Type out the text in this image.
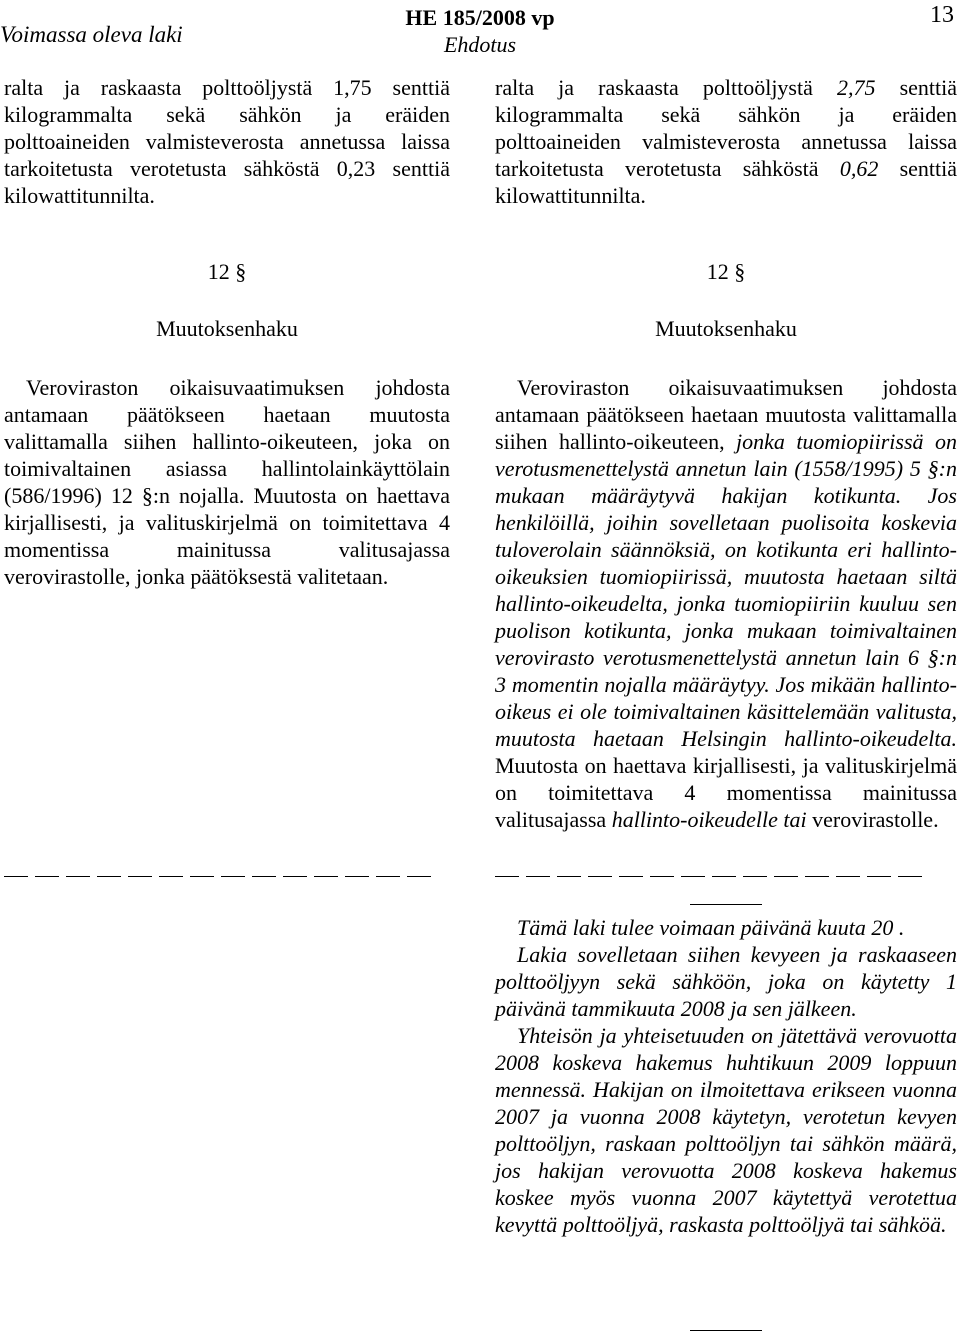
Voimassa oleva laki
HE 185/2008 vp
Ehdotus
13

ralta ja raskaasta polttoöljystä 1,75 senttiä kilogrammalta sekä sähkön ja eräiden polttoaineiden valmisteverosta annetussa laissa tarkoitetusta verotetusta sähköstä 0,23 senttiä kilowattitunnilta.

12 §

Muutoksenhaku

Veroviraston oikaisuvaatimuksen johdosta antamaan päätökseen haetaan muutosta valittamalla siihen hallinto-oikeuteen, joka on toimivaltainen asiassa hallintolainkäyttölain (586/1996) 12 §:n nojalla. Muutosta on haettava kirjallisesti, ja valituskirjelmä on toimitettava 4 momentissa mainitussa valitusajassa verovirastolle, jonka päätöksestä valitetaan.

ralta ja raskaasta polttoöljystä 2,75 senttiä kilogrammalta sekä sähkön ja eräiden polttoaineiden valmisteverosta annetussa laissa tarkoitetusta verotetusta sähköstä 0,62 senttiä kilowattitunnilta.

12 §

Muutoksenhaku

Veroviraston oikaisuvaatimuksen johdosta antamaan päätökseen haetaan muutosta valittamalla siihen hallinto-oikeuteen, jonka tuomiopiirissä on verotusmenettelystä annetun lain (1558/1995) 5 §:n mukaan määräytyvä hakijan kotikunta. Jos henkilöillä, joihin sovelletaan puolisoita koskevia tuloverolain säännöksiä, on kotikunta eri hallinto-oikeuksien tuomiopiirissä, muutosta haetaan siltä hallinto-oikeudelta, jonka tuomiopiiriin kuuluu sen puolison kotikunta, jonka mukaan toimivaltainen verovirasto verotusmenettelystä annetun lain 6 §:n 3 momentin nojalla määräytyy. Jos mikään hallinto-oikeus ei ole toimivaltainen käsittelemään valitusta, muutosta haetaan Helsingin hallinto-oikeudelta. Muutosta on haettava kirjallisesti, ja valituskirjelmä on toimitettava 4 momentissa mainitussa valitusajassa hallinto-oikeudelle tai verovirastolle.

Tämä laki tulee voimaan päivänä kuuta 20 .

Lakia sovelletaan siihen kevyeen ja raskaaseen polttoöljyyn sekä sähköön, joka on käytetty 1 päivänä tammikuuta 2008 ja sen jälkeen.

Yhteisön ja yhteisetuuden on jätettävä verovuotta 2008 koskeva hakemus huhtikuun 2009 loppuun mennessä. Hakijan on ilmoitettava erikseen vuonna 2007 ja vuonna 2008 käytetyn, verotetun kevyen polttoöljyn, raskaan polttoöljyn tai sähkön määrä, jos hakijan verovuotta 2008 koskeva hakemus koskee myös vuonna 2007 käytettyä verotettua kevyttä polttoöljyä, raskasta polttoöljyä tai sähköä.
